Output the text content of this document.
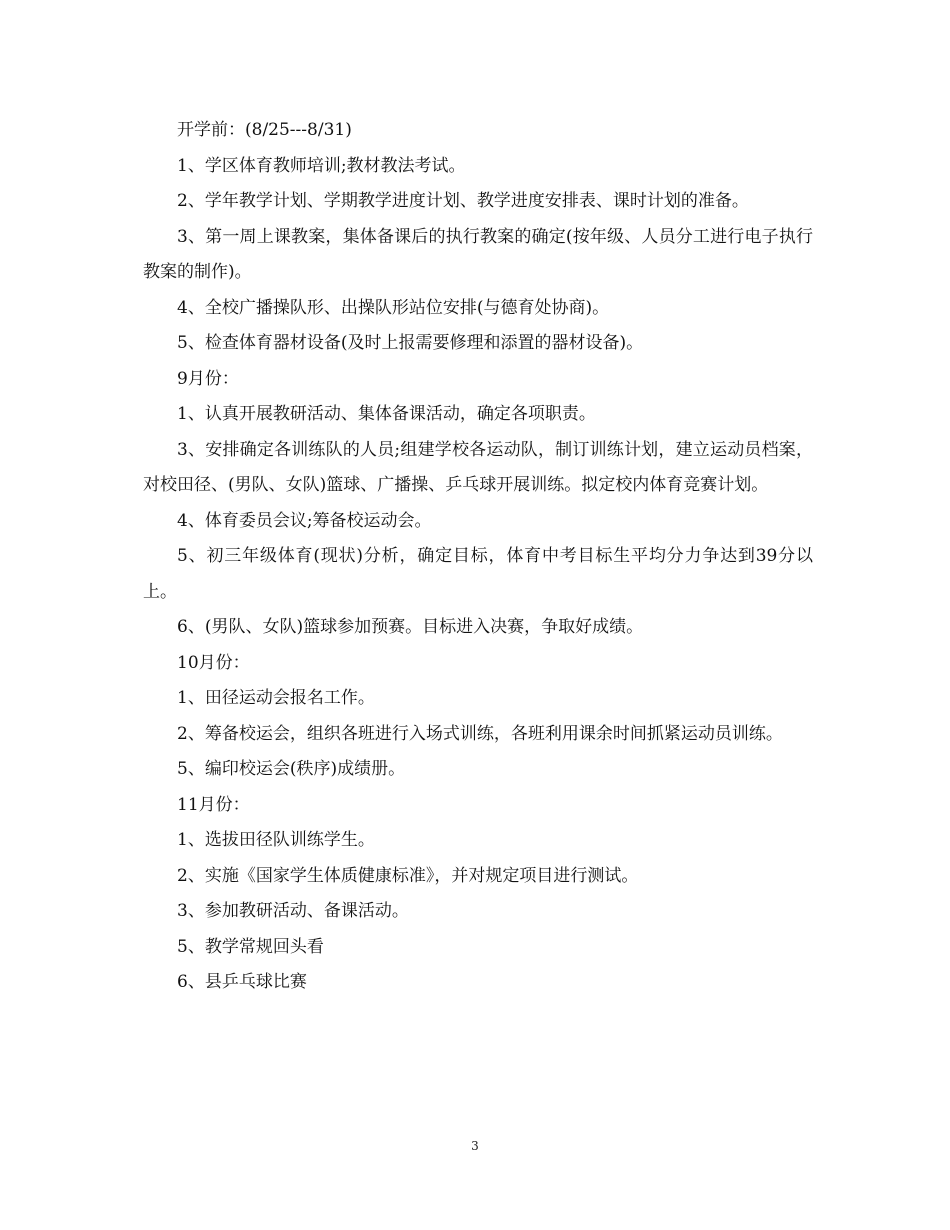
开学前：(8/25---8/31)

1、学区体育教师培训;教材教法考试。

2、学年教学计划、学期教学进度计划、教学进度安排表、课时计划的准备。

3、第一周上课教案，集体备课后的执行教案的确定(按年级、人员分工进行电子执行教案的制作)。

4、全校广播操队形、出操队形站位安排(与德育处协商)。

5、检查体育器材设备(及时上报需要修理和添置的器材设备)。

9月份：

1、认真开展教研活动、集体备课活动，确定各项职责。

3、安排确定各训练队的人员;组建学校各运动队，制订训练计划，建立运动员档案，对校田径、(男队、女队)篮球、广播操、乒乓球开展训练。拟定校内体育竞赛计划。

4、体育委员会议;筹备校运动会。

5、初三年级体育(现状)分析，确定目标，体育中考目标生平均分力争达到39分以上。

6、(男队、女队)篮球参加预赛。目标进入决赛，争取好成绩。

10月份：

1、田径运动会报名工作。

2、筹备校运会，组织各班进行入场式训练，各班利用课余时间抓紧运动员训练。

5、编印校运会(秩序)成绩册。

11月份：

1、选拔田径队训练学生。

2、实施《国家学生体质健康标准》，并对规定项目进行测试。

3、参加教研活动、备课活动。

5、教学常规回头看

6、县乒乓球比赛

3
